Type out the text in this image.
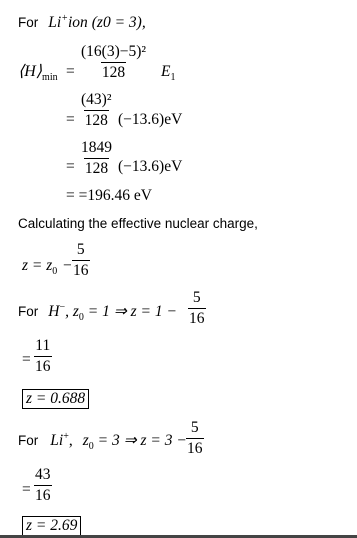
For Li+ion (z0 = 3),
$⟨H⟩_{min} = \frac{\text{(16(3)−5)²}}{128} E_1$
= $\frac{\text{(43)²}}{128} (-13.6)eV$
= $\frac{1849}{128} (-13.6)eV$
= =196.46 eV
Calculating the effective nuclear charge,
$z = z_0 - \frac{5}{16}$
For H−, $z_0 = 1$ ⇒ $z = 1 - \frac{5}{16}$
= $\frac{11}{16}$
z = 0.688
For Li+, $z_0 = 3$ ⇒ $z = 3 - \frac{5}{16}$
= $\frac{43}{16}$
z = 2.69
